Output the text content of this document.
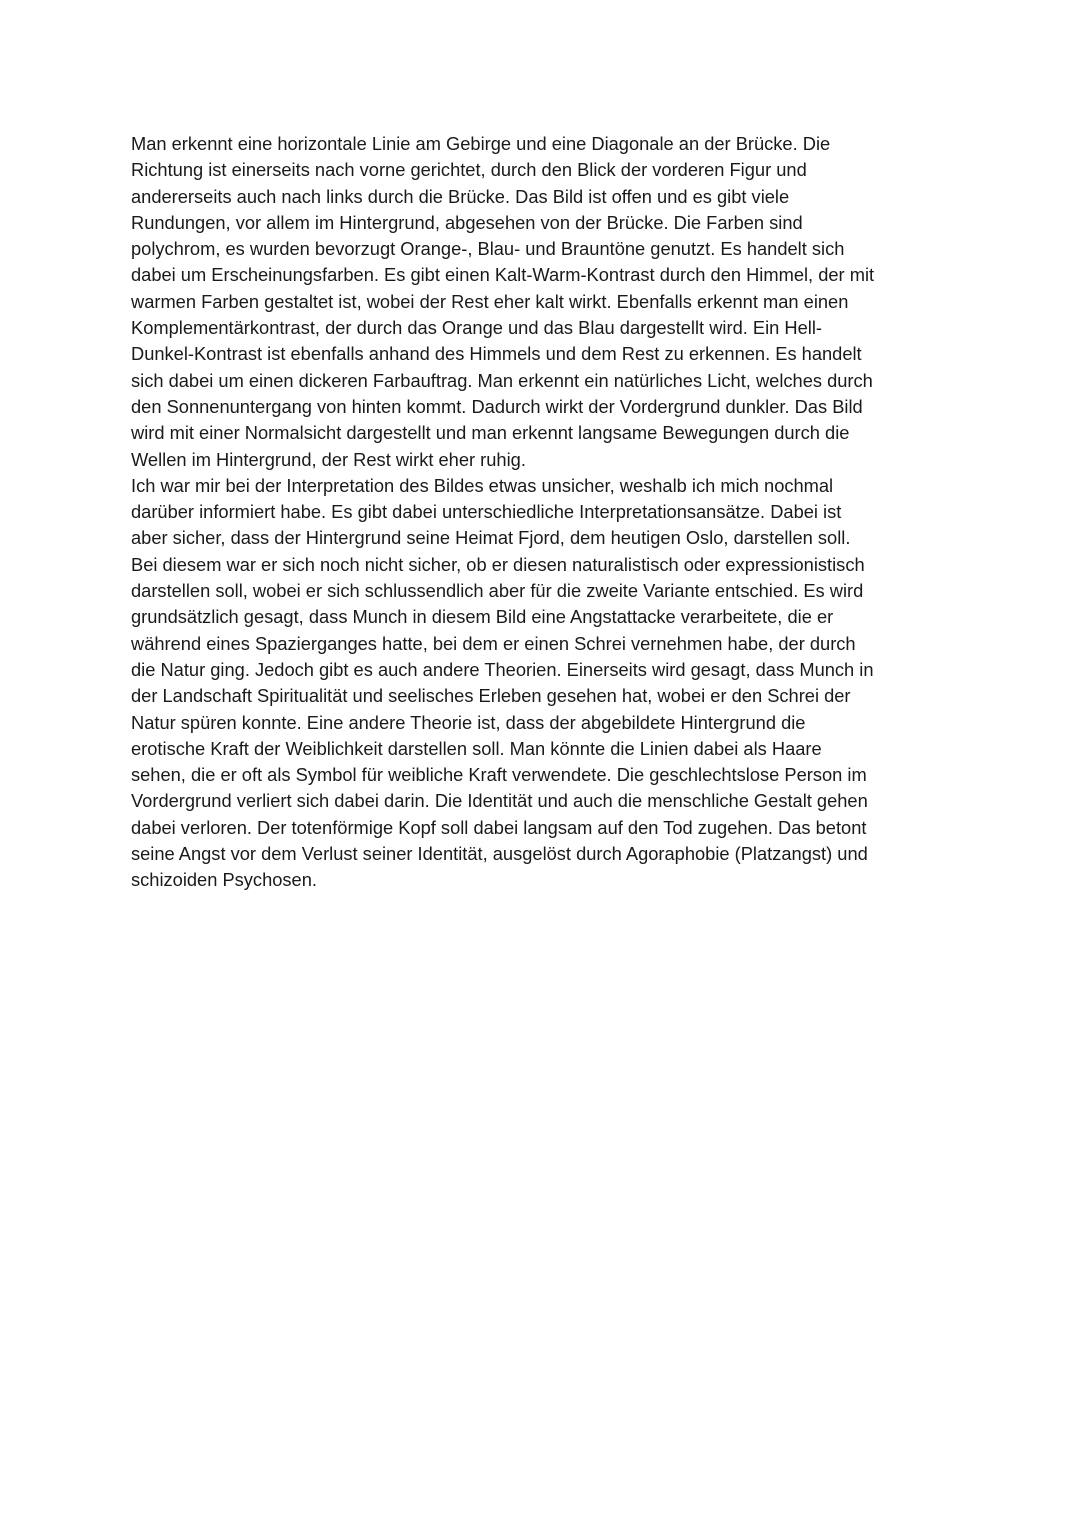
Man erkennt eine horizontale Linie am Gebirge und eine Diagonale an der Brücke. Die
Richtung ist einerseits nach vorne gerichtet, durch den Blick der vorderen Figur und
andererseits auch nach links durch die Brücke. Das Bild ist offen und es gibt viele
Rundungen, vor allem im Hintergrund, abgesehen von der Brücke. Die Farben sind
polychrom, es wurden bevorzugt Orange-, Blau- und Brauntöne genutzt. Es handelt sich
dabei um Erscheinungsfarben. Es gibt einen Kalt-Warm-Kontrast durch den Himmel, der mit
warmen Farben gestaltet ist, wobei der Rest eher kalt wirkt. Ebenfalls erkennt man einen
Komplementärkontrast, der durch das Orange und das Blau dargestellt wird. Ein Hell-
Dunkel-Kontrast ist ebenfalls anhand des Himmels und dem Rest zu erkennen. Es handelt
sich dabei um einen dickeren Farbauftrag. Man erkennt ein natürliches Licht, welches durch
den Sonnenuntergang von hinten kommt. Dadurch wirkt der Vordergrund dunkler. Das Bild
wird mit einer Normalsicht dargestellt und man erkennt langsame Bewegungen durch die
Wellen im Hintergrund, der Rest wirkt eher ruhig.
Ich war mir bei der Interpretation des Bildes etwas unsicher, weshalb ich mich nochmal
darüber informiert habe. Es gibt dabei unterschiedliche Interpretationsansätze. Dabei ist
aber sicher, dass der Hintergrund seine Heimat Fjord, dem heutigen Oslo, darstellen soll.
Bei diesem war er sich noch nicht sicher, ob er diesen naturalistisch oder expressionistisch
darstellen soll, wobei er sich schlussendlich aber für die zweite Variante entschied. Es wird
grundsätzlich gesagt, dass Munch in diesem Bild eine Angstattacke verarbeitete, die er
während eines Spazierganges hatte, bei dem er einen Schrei vernehmen habe, der durch
die Natur ging. Jedoch gibt es auch andere Theorien. Einerseits wird gesagt, dass Munch in
der Landschaft Spiritualität und seelisches Erleben gesehen hat, wobei er den Schrei der
Natur spüren konnte. Eine andere Theorie ist, dass der abgebildete Hintergrund die
erotische Kraft der Weiblichkeit darstellen soll. Man könnte die Linien dabei als Haare
sehen, die er oft als Symbol für weibliche Kraft verwendete. Die geschlechtslose Person im
Vordergrund verliert sich dabei darin. Die Identität und auch die menschliche Gestalt gehen
dabei verloren. Der totenförmige Kopf soll dabei langsam auf den Tod zugehen. Das betont
seine Angst vor dem Verlust seiner Identität, ausgelöst durch Agoraphobie (Platzangst) und
schizoiden Psychosen.
